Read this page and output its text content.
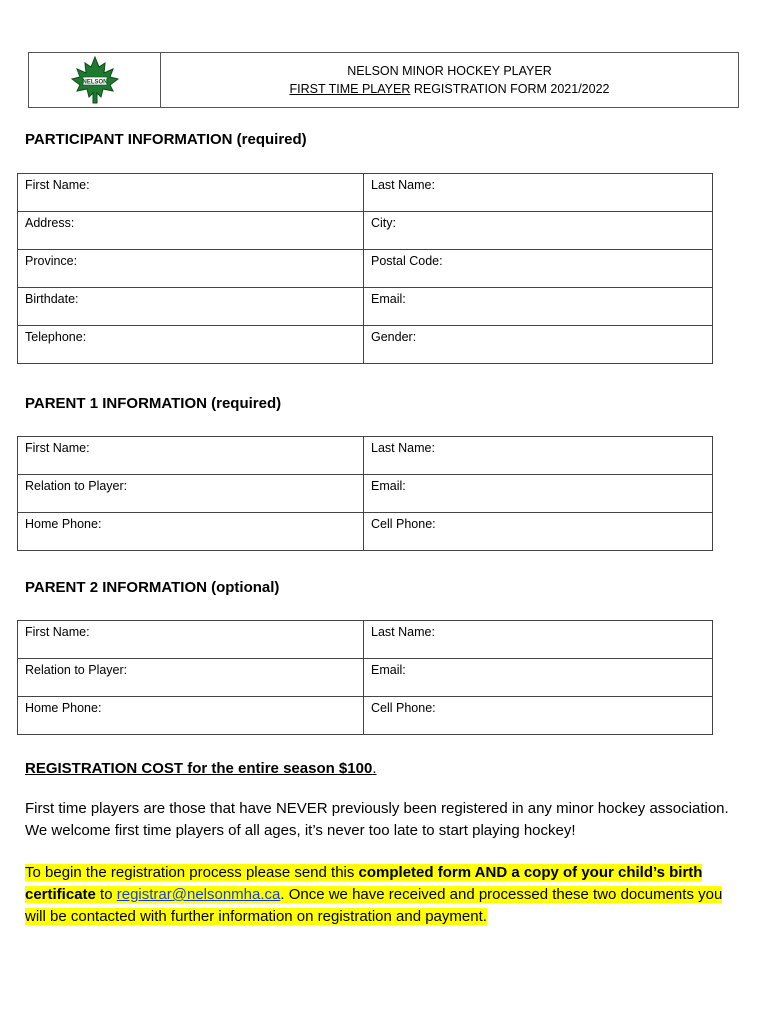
NELSON
NELSON MINOR HOCKEY PLAYER
FIRST TIME PLAYER REGISTRATION FORM 2021/2022
PARTICIPANT INFORMATION (required)
First Name:	Last Name:
Address:	City:
Province:	Postal Code:
Birthdate:	Email:
Telephone:	Gender:
PARENT 1 INFORMATION (required)
First Name:	Last Name:
Relation to Player:	Email:
Home Phone:	Cell Phone:
PARENT 2 INFORMATION (optional)
First Name:	Last Name:
Relation to Player:	Email:
Home Phone:	Cell Phone:
REGISTRATION COST for the entire season $100.
First time players are those that have NEVER previously been registered in any minor hockey association. We welcome first time players of all ages, it’s never too late to start playing hockey!
To begin the registration process please send this completed form AND a copy of your child’s birth certificate to registrar@nelsonmha.ca. Once we have received and processed these two documents you will be contacted with further information on registration and payment.
